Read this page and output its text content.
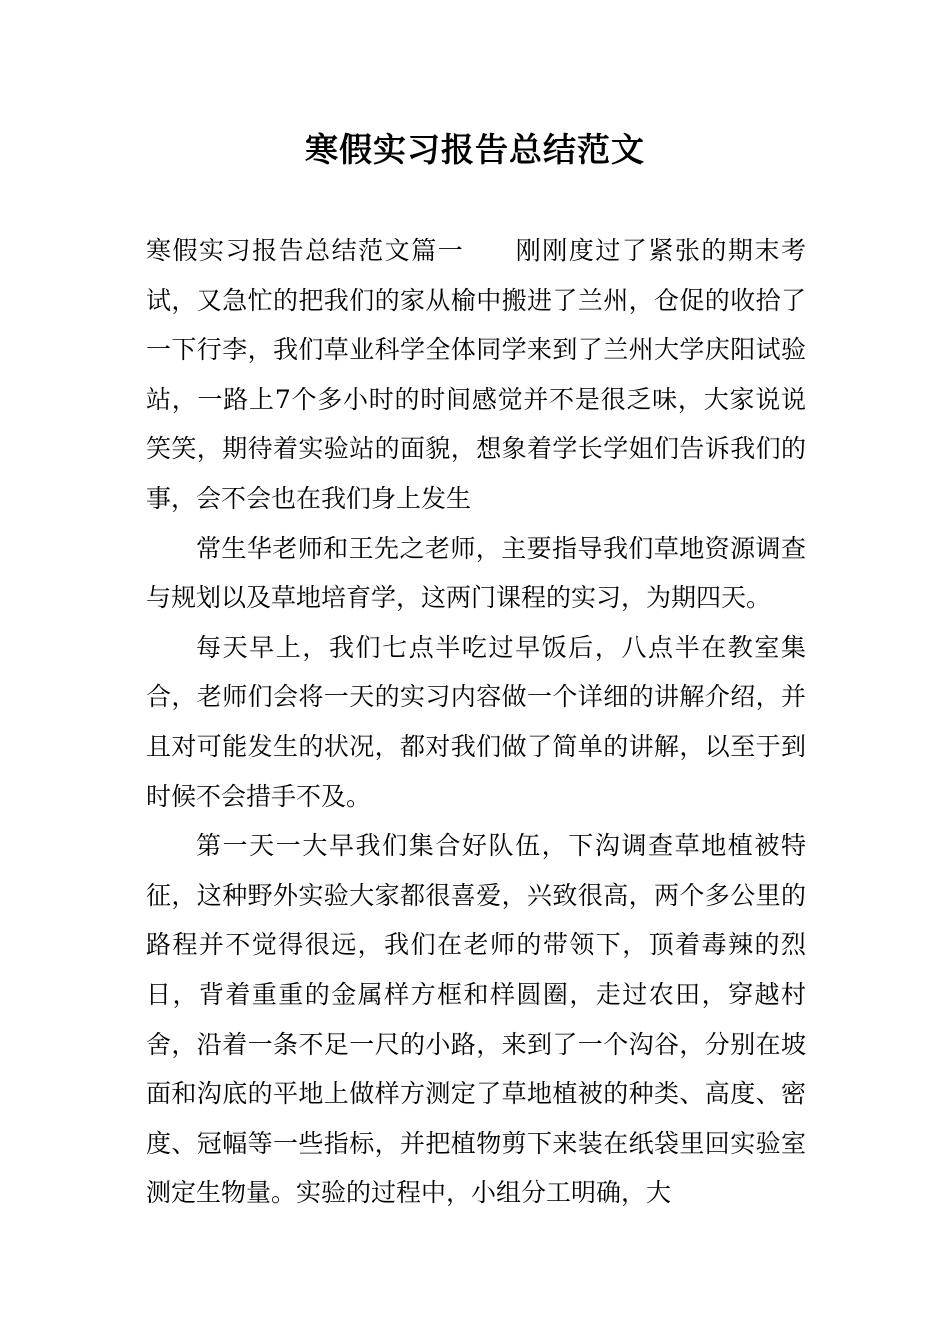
寒假实习报告总结范文

寒假实习报告总结范文篇一 刚刚度过了紧张的期末考试，又急忙的把我们的家从榆中搬进了兰州，仓促的收拾了一下行李，我们草业科学全体同学来到了兰州大学庆阳试验站，一路上7个多小时的时间感觉并不是很乏味，大家说说笑笑，期待着实验站的面貌，想象着学长学姐们告诉我们的事，会不会也在我们身上发生

常生华老师和王先之老师，主要指导我们草地资源调查与规划以及草地培育学，这两门课程的实习，为期四天。

每天早上，我们七点半吃过早饭后，八点半在教室集合，老师们会将一天的实习内容做一个详细的讲解介绍，并且对可能发生的状况，都对我们做了简单的讲解，以至于到时候不会措手不及。

第一天一大早我们集合好队伍，下沟调查草地植被特征，这种野外实验大家都很喜爱，兴致很高，两个多公里的路程并不觉得很远，我们在老师的带领下，顶着毒辣的烈日，背着重重的金属样方框和样圆圈，走过农田，穿越村舍，沿着一条不足一尺的小路，来到了一个沟谷，分别在坡面和沟底的平地上做样方测定了草地植被的种类、高度、密度、冠幅等一些指标，并把植物剪下来装在纸袋里回实验室测定生物量。实验的过程中，小组分工明确，大
